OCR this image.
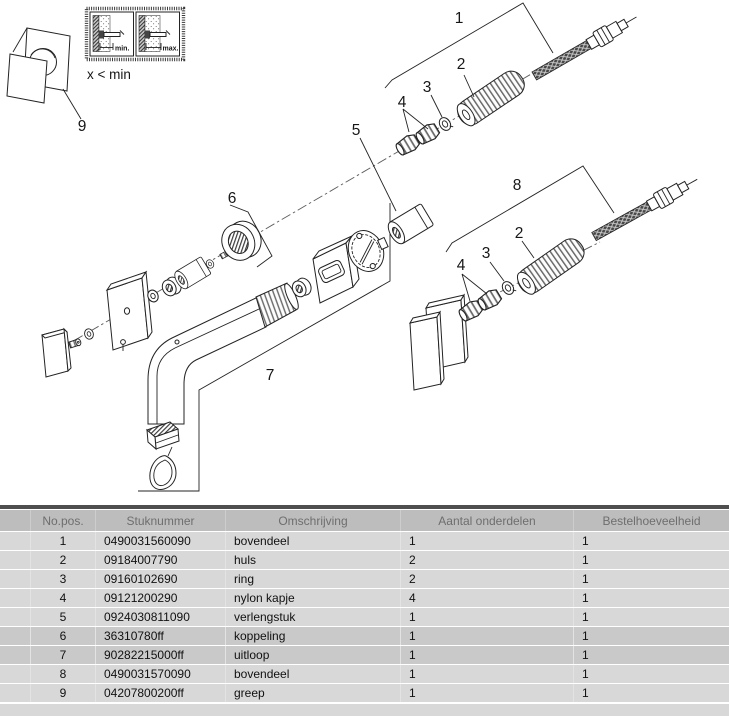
min.	max.
x < min
1
2
3
4
5
6
7
8
2
3
4
9
	No.pos.	Stuknummer	Omschrijving	Aantal onderdelen	Bestelhoeveelheid
	1	0490031560090	bovendeel	1	1
	2	09184007790	huls	2	1
	3	09160102690	ring	2	1
	4	09121200290	nylon kapje	4	1
	5	0924030811090	verlengstuk	1	1
	6	36310780ff	koppeling	1	1
	7	90282215000ff	uitloop	1	1
	8	0490031570090	bovendeel	1	1
	9	04207800200ff	greep	1	1
